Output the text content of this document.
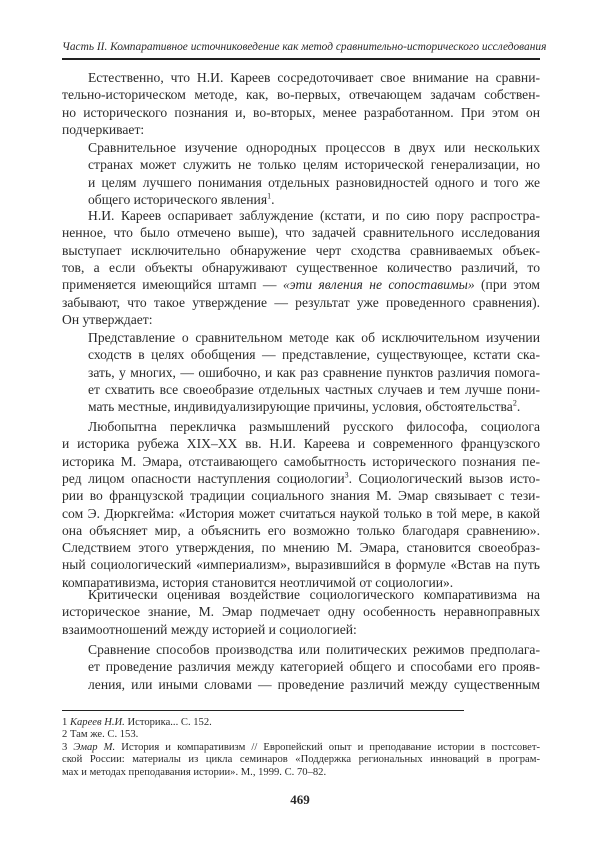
Часть II. Компаративное источниковедение как метод сравнительно-исторического исследования
Естественно, что Н.И. Кареев сосредоточивает свое внимание на сравни-
тельно-историческом методе, как, во-первых, отвечающем задачам собствен-
но исторического познания и, во-вторых, менее разработанном. При этом он
подчеркивает:
Сравнительное изучение однородных процессов в двух или нескольких
странах может служить не только целям исторической генерализации, но
и целям лучшего понимания отдельных разновидностей одного и того же
общего исторического явления$^1$.
Н.И. Кареев оспаривает заблуждение (кстати, и по сию пору распростра-
ненное, что было отмечено выше), что задачей сравнительного исследования
выступает исключительно обнаружение черт сходства сравниваемых объек-
тов, а если объекты обнаруживают существенное количество различий, то
применяется имеющийся штамп — «эти явления не сопоставимы» (при этом
забывают, что такое утверждение — результат уже проведенного сравнения).
Он утверждает:
Представление о сравнительном методе как об исключительном изучении
сходств в целях обобщения — представление, существующее, кстати ска-
зать, у многих, — ошибочно, и как раз сравнение пунктов различия помога-
ет схватить все своеобразие отдельных частных случаев и тем лучше пони-
мать местные, индивидуализирующие причины, условия, обстоятельства$^2$.
Любопытна перекличка размышлений русского философа, социолога
и историка рубежа XIX–XX вв. Н.И. Кареева и современного французского
историка М. Эмара, отстаивающего самобытность исторического познания пе-
ред лицом опасности наступления социологии$^3$. Социологический вызов исто-
рии во французской традиции социального знания М. Эмар связывает с тези-
сом Э. Дюркгейма: «История может считаться наукой только в той мере, в какой
она объясняет мир, а объяснить его возможно только благодаря сравнению».
Следствием этого утверждения, по мнению М. Эмара, становится своеобраз-
ный социологический «империализм», выразившийся в формуле «Встав на путь
компаративизма, история становится неотличимой от социологии».
Критически оценивая воздействие социологического компаративизма на
историческое знание, М. Эмар подмечает одну особенность неравноправных
взаимоотношений между историей и социологией:
Сравнение способов производства или политических режимов предполага-
ет проведение различия между категорией общего и способами его прояв-
ления, или иными словами — проведение различий между существенным
1 Кареев Н.И. Историка... С. 152.
2 Там же. С. 153.
3 Эмар М. История и компаративизм // Европейский опыт и преподавание истории в постсовет-
ской России: материалы из цикла семинаров «Поддержка региональных инноваций в програм-
мах и методах преподавания истории». М., 1999. С. 70–82.
469
